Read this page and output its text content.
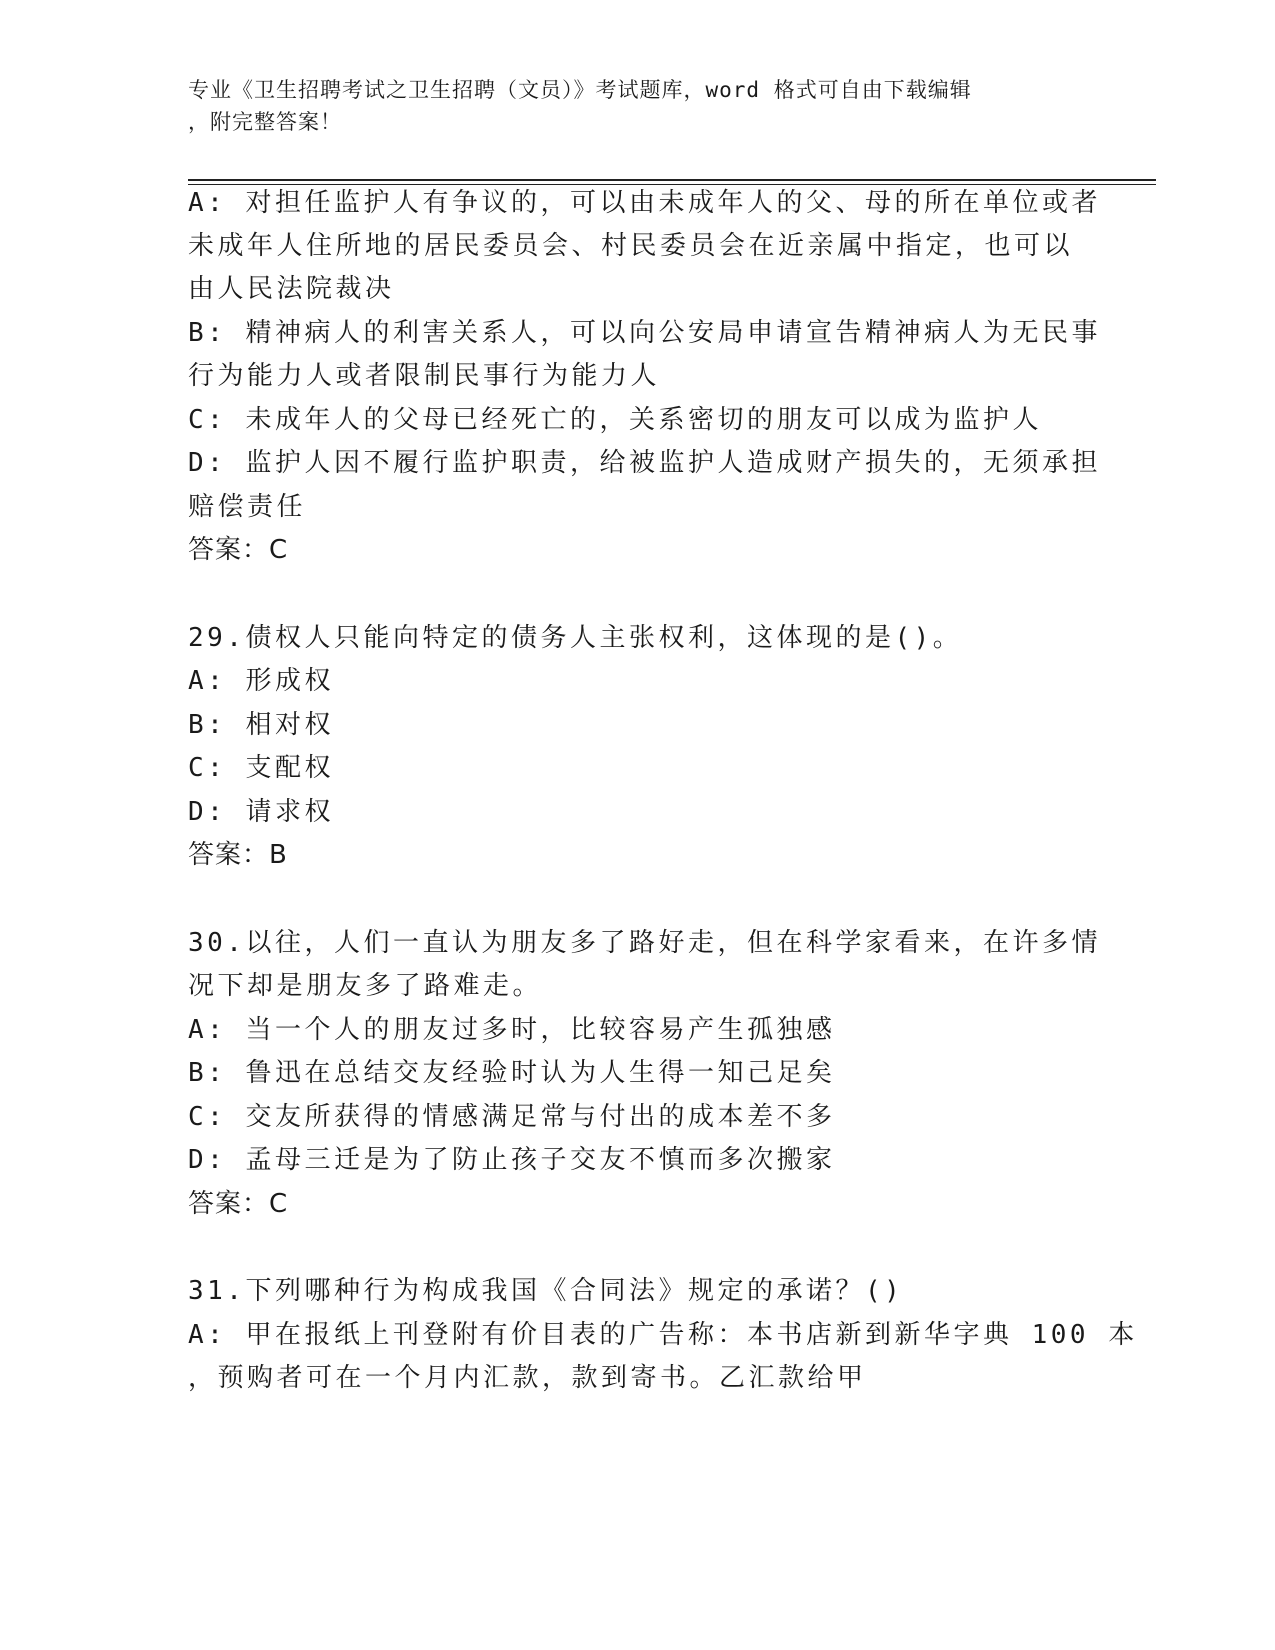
专业《卫生招聘考试之卫生招聘（文员）》考试题库，word 格式可自由下载编辑
，附完整答案！
A: 对担任监护人有争议的，可以由未成年人的父、母的所在单位或者
未成年人住所地的居民委员会、村民委员会在近亲属中指定，也可以
由人民法院裁决
B: 精神病人的利害关系人，可以向公安局申请宣告精神病人为无民事
行为能力人或者限制民事行为能力人
C: 未成年人的父母已经死亡的，关系密切的朋友可以成为监护人
D: 监护人因不履行监护职责，给被监护人造成财产损失的，无须承担
赔偿责任
答案：C
29.债权人只能向特定的债务人主张权利，这体现的是()。
A: 形成权
B: 相对权
C: 支配权
D: 请求权
答案：B
30.以往，人们一直认为朋友多了路好走，但在科学家看来，在许多情
况下却是朋友多了路难走。
A: 当一个人的朋友过多时，比较容易产生孤独感
B: 鲁迅在总结交友经验时认为人生得一知己足矣
C: 交友所获得的情感满足常与付出的成本差不多
D: 孟母三迁是为了防止孩子交友不慎而多次搬家
答案：C
31.下列哪种行为构成我国《合同法》规定的承诺？()
A: 甲在报纸上刊登附有价目表的广告称：本书店新到新华字典 100 本
，预购者可在一个月内汇款，款到寄书。乙汇款给甲
